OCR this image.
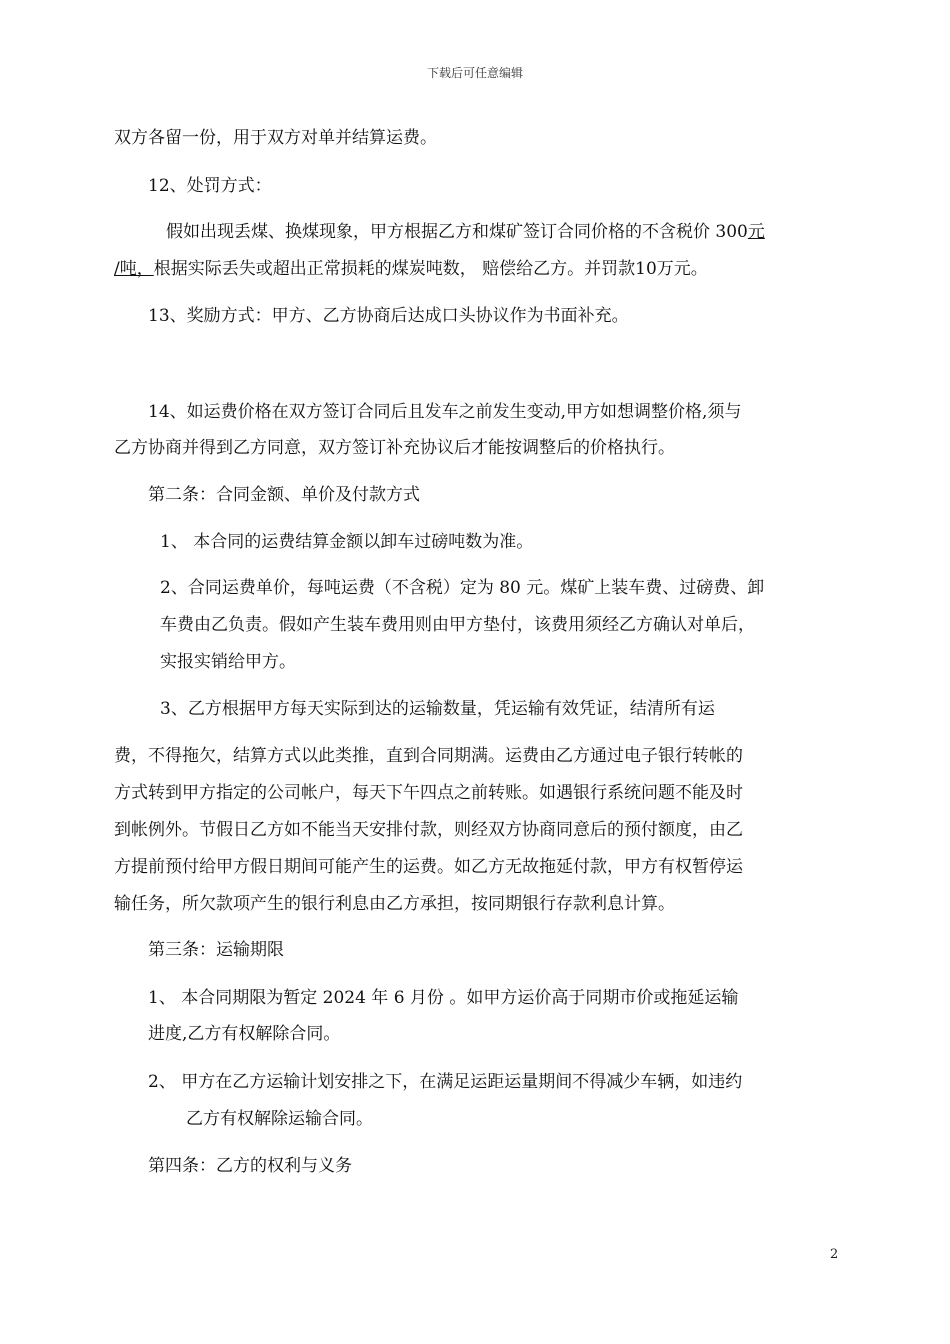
下载后可任意编辑
双方各留一份，用于双方对单并结算运费。
12、处罚方式：
假如出现丢煤、换煤现象，甲方根据乙方和煤矿签订合同价格的不含税价 300元
/吨，根据实际丢失或超出正常损耗的煤炭吨数， 赔偿给乙方。并罚款10万元。
13、奖励方式：甲方、乙方协商后达成口头协议作为书面补充。
14、如运费价格在双方签订合同后且发车之前发生变动,甲方如想调整价格,须与
乙方协商并得到乙方同意，双方签订补充协议后才能按调整后的价格执行。
第二条：合同金额、单价及付款方式
1、 本合同的运费结算金额以卸车过磅吨数为准。
2、合同运费单价，每吨运费（不含税）定为 80 元。煤矿上装车费、过磅费、卸
车费由乙负责。假如产生装车费用则由甲方垫付，该费用须经乙方确认对单后，
实报实销给甲方。
3、乙方根据甲方每天实际到达的运输数量，凭运输有效凭证，结清所有运
费，不得拖欠，结算方式以此类推，直到合同期满。运费由乙方通过电子银行转帐的
方式转到甲方指定的公司帐户，每天下午四点之前转账。如遇银行系统问题不能及时
到帐例外。节假日乙方如不能当天安排付款，则经双方协商同意后的预付额度，由乙
方提前预付给甲方假日期间可能产生的运费。如乙方无故拖延付款，甲方有权暂停运
输任务，所欠款项产生的银行利息由乙方承担，按同期银行存款利息计算。
第三条：运输期限
1、 本合同期限为暂定 2024 年 6 月份 。如甲方运价高于同期市价或拖延运输
进度,乙方有权解除合同。
2、 甲方在乙方运输计划安排之下，在满足运距运量期间不得减少车辆，如违约
乙方有权解除运输合同。
第四条：乙方的权利与义务
2
